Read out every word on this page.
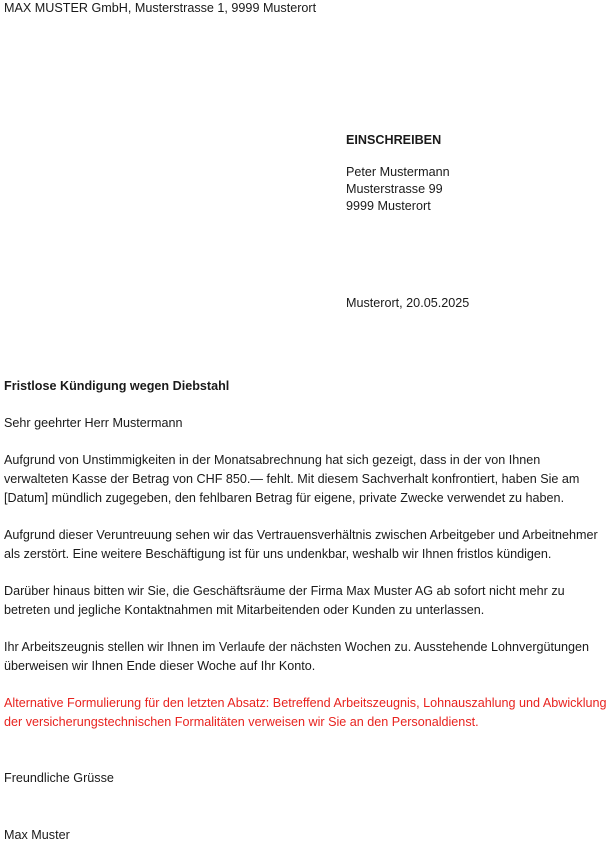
MAX MUSTER GmbH, Musterstrasse 1, 9999 Musterort
EINSCHREIBEN
Peter Mustermann
Musterstrasse 99
9999 Musterort
Musterort, 20.05.2025

Fristlose Kündigung wegen Diebstahl

Sehr geehrter Herr Mustermann

Aufgrund von Unstimmigkeiten in der Monatsabrechnung hat sich gezeigt, dass in der von Ihnen verwalteten Kasse der Betrag von CHF 850.— fehlt. Mit diesem Sachverhalt konfrontiert, haben Sie am [Datum] mündlich zugegeben, den fehlbaren Betrag für eigene, private Zwecke verwendet zu haben.

Aufgrund dieser Veruntreuung sehen wir das Vertrauensverhältnis zwischen Arbeitgeber und Arbeitnehmer als zerstört. Eine weitere Beschäftigung ist für uns undenkbar, weshalb wir Ihnen fristlos kündigen.

Darüber hinaus bitten wir Sie, die Geschäftsräume der Firma Max Muster AG ab sofort nicht mehr zu betreten und jegliche Kontaktnahmen mit Mitarbeitenden oder Kunden zu unterlassen.

Ihr Arbeitszeugnis stellen wir Ihnen im Verlaufe der nächsten Wochen zu. Ausstehende Lohnvergütungen überweisen wir Ihnen Ende dieser Woche auf Ihr Konto.

Alternative Formulierung für den letzten Absatz: Betreffend Arbeitszeugnis, Lohnauszahlung und Abwicklung der versicherungstechnischen Formalitäten verweisen wir Sie an den Personaldienst.

Freundliche Grüsse

Max Muster
